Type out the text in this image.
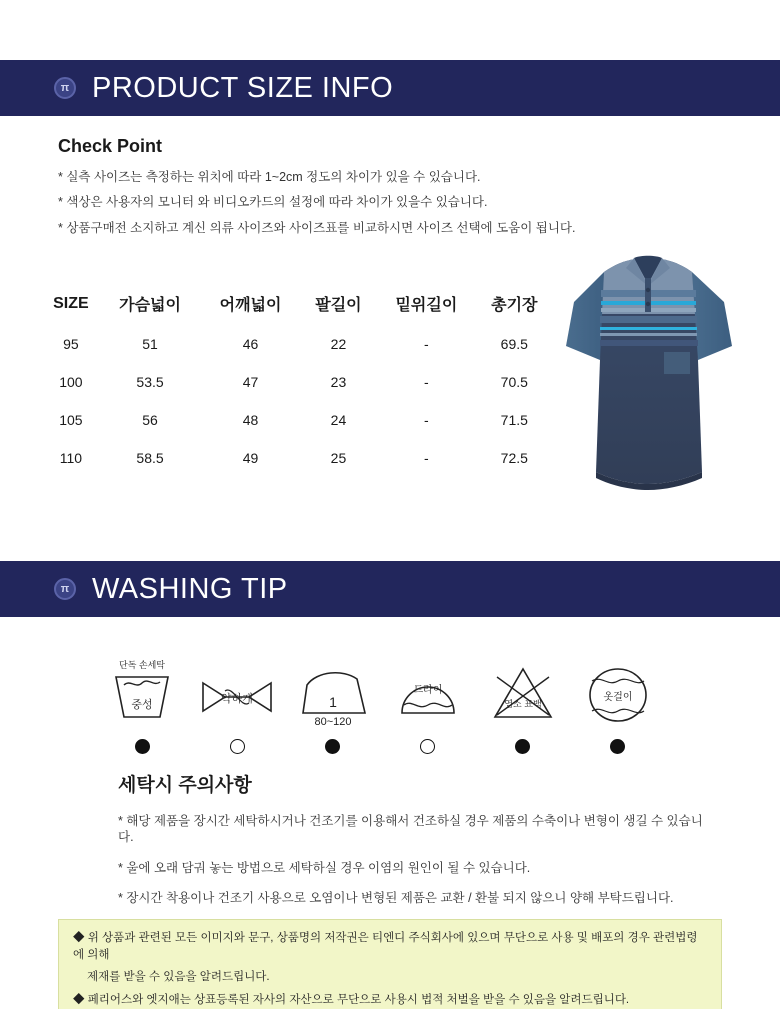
π PRODUCT SIZE INFO
Check Point

* 실측 사이즈는 측정하는 위치에 따라 1~2cm 정도의 차이가 있을 수 있습니다.

* 색상은 사용자의 모니터 와 비디오카드의 설정에 따라 차이가 있을수 있습니다.

* 상품구매전 소지하고 계신 의류 사이즈와 사이즈표를 비교하시면 사이즈 선택에 도움이 됩니다.

SIZE	가슴넓이	어깨넓이	팔길이	밑위길이	총기장
95	51	46	22	-	69.5
100	53.5	47	23	-	70.5
105	56	48	24	-	71.5
110	58.5	49	25	-	72.5
π WASHING TIP
단독 손세탁
중성	약하게	1
80~120
드라이
염소 표백
옷걸이
세탁시 주의사항

* 해당 제품을 장시간 세탁하시거나 건조기를 이용해서 건조하실 경우 제품의 수축이나 변형이 생길 수 있습니다.

* 울에 오래 담궈 놓는 방법으로 세탁하실 경우 이염의 원인이 될 수 있습니다.

* 장시간 착용이나 건조기 사용으로 오염이나 변형된 제품은 교환 / 환불 되지 않으니 양해 부탁드립니다.

◆ 위 상품과 관련된 모든 이미지와 문구, 상품명의 저작권은 티엔디 주식회사에 있으며 무단으로 사용 및 배포의 경우 관련법령에 의해

제재를 받을 수 있음을 알려드립니다.

◆ 페리어스와 엣지애는 상표등록된 자사의 자산으로 무단으로 사용시 법적 처벌을 받을 수 있음을 알려드립니다.
